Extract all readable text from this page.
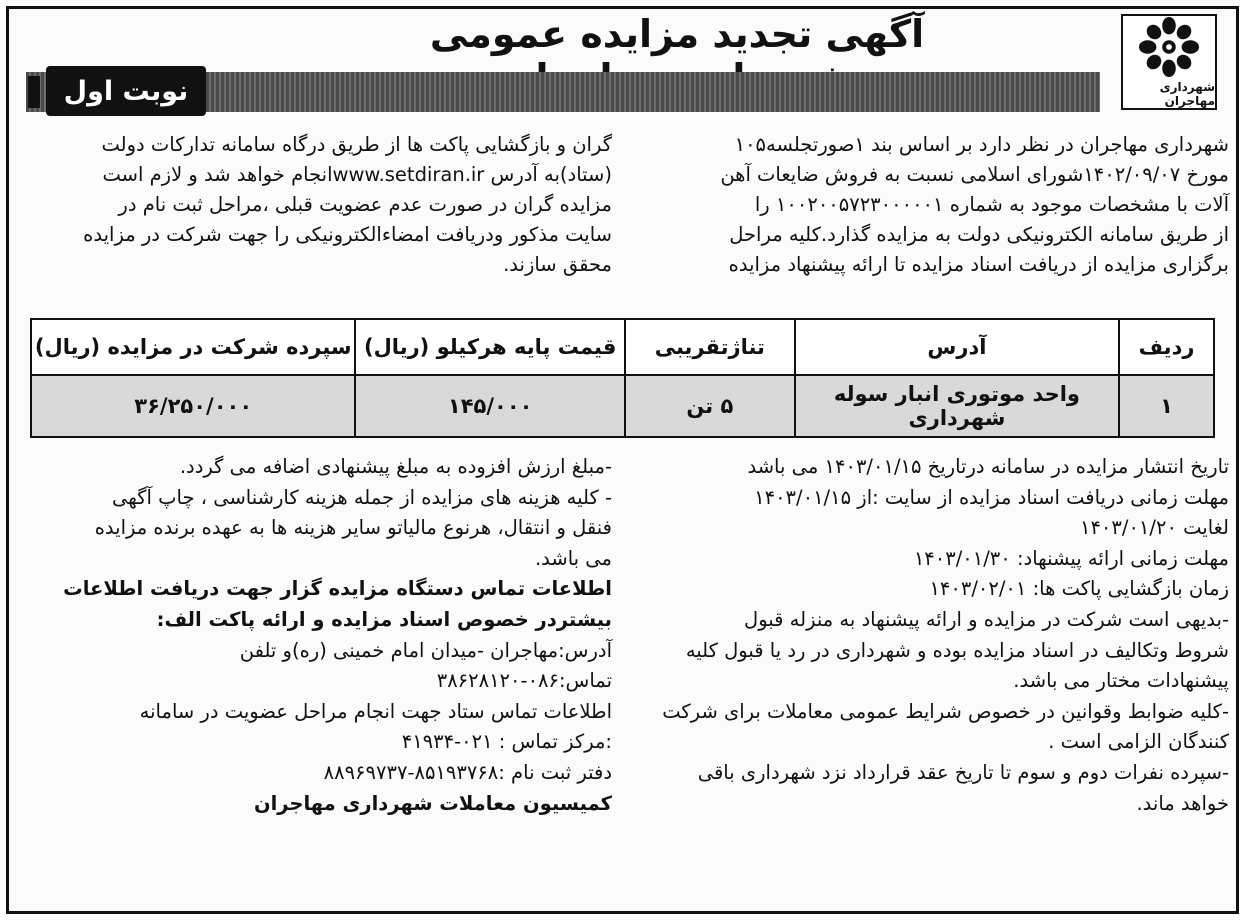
شهرداری مهاجران
آگهی تجدید مزایده عمومی
نوبت اول

شهرداری مهاجران در نظر دارد بر اساس بند ۱صورتجلسه۱۰۵

مورخ ۱۴۰۲/۰۹/۰۷شورای اسلامی نسبت به فروش ضایعات آهن

آلات با مشخصات موجود به شماره ۱۰۰۲۰۰۵۷۲۳۰۰۰۰۰۱ را

از طریق سامانه الکترونیکی دولت به مزایده گذارد.کلیه مراحل

برگزاری مزایده از دریافت اسناد مزایده تا ارائه پیشنهاد مزایده

گران و بازگشایی پاکت ها از طریق درگاه سامانه تدارکات دولت

(ستاد)به آدرس www.setdiran.irانجام خواهد شد و لازم است

مزایده گران در صورت عدم عضویت قبلی ،مراحل ثبت نام در

سایت مذکور ودریافت امضاءالکترونیکی را جهت شرکت در مزایده

محقق سازند.

ردیف	آدرس	تناژتقریبی	قیمت پایه هرکیلو (ریال)	سپرده شرکت در مزایده (ریال)
۱	واحد موتوری انبار سوله شهرداری	۵ تن	۱۴۵/۰۰۰	۳۶/۲۵۰/۰۰۰

تاریخ انتشار مزایده در سامانه درتاریخ ۱۴۰۳/۰۱/۱۵ می باشد

مهلت زمانی دریافت اسناد مزایده از سایت :از ۱۴۰۳/۰۱/۱۵

لغایت ۱۴۰۳/۰۱/۲۰

مهلت زمانی ارائه پیشنهاد: ۱۴۰۳/۰۱/۳۰

زمان بازگشایی پاکت ها: ۱۴۰۳/۰۲/۰۱

-بدیهی است شرکت در مزایده و ارائه پیشنهاد به منزله قبول

شروط وتکالیف در اسناد مزایده بوده و شهرداری در رد یا قبول کلیه

پیشنهادات مختار می باشد.

-کلیه ضوابط وقوانین در خصوص شرایط عمومی معاملات برای شرکت

کنندگان الزامی است .

-سپرده نفرات دوم و سوم تا تاریخ عقد قرارداد نزد شهرداری باقی

خواهد ماند.

-مبلغ ارزش افزوده به مبلغ پیشنهادی اضافه می گردد.

- کلیه هزینه های مزایده از جمله هزینه کارشناسی ، چاپ آگهی

فنقل و انتقال، هرنوع مالیاتو سایر هزینه ها به عهده برنده مزایده

می باشد.

اطلاعات تماس دستگاه مزایده گزار جهت دریافت اطلاعات

بیشتردر خصوص اسناد مزایده و ارائه پاکت الف:

آدرس:مهاجران -میدان امام خمینی (ره)و تلفن

تماس:۰۸۶-۳۸۶۲۸۱۲۰

اطلاعات تماس ستاد جهت انجام مراحل عضویت در سامانه

:مرکز تماس : ۰۲۱-۴۱۹۳۴

دفتر ثبت نام :۸۵۱۹۳۷۶۸-۸۸۹۶۹۷۳۷

کمیسیون معاملات شهرداری مهاجران
